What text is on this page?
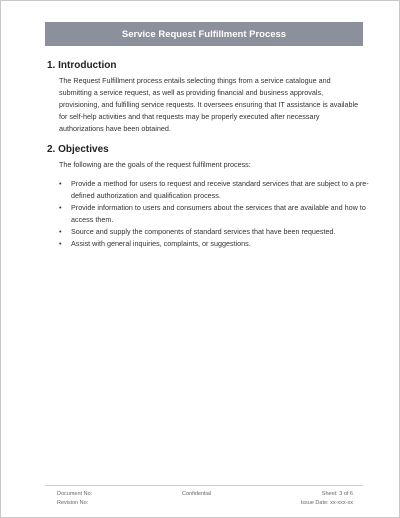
Service Request Fulfillment Process
1. Introduction

The Request Fulfillment process entails selecting things from a service catalogue and submitting a service request, as well as providing financial and business approvals, provisioning, and fulfilling service requests. It oversees ensuring that IT assistance is available for self-help activities and that requests may be properly executed after necessary authorizations have been obtained.

2. Objectives

The following are the goals of the request fulfilment process:

• Provide a method for users to request and receive standard services that are subject to a pre-defined authorization and qualification process.
• Provide information to users and consumers about the services that are available and how to access them.
• Source and supply the components of standard services that have been requested.
• Assist with general inquiries, complaints, or suggestions.
Document No:
Revision No:
Confidential	Sheet: 3 of 6
Issue Date: xx-xxx-xx
